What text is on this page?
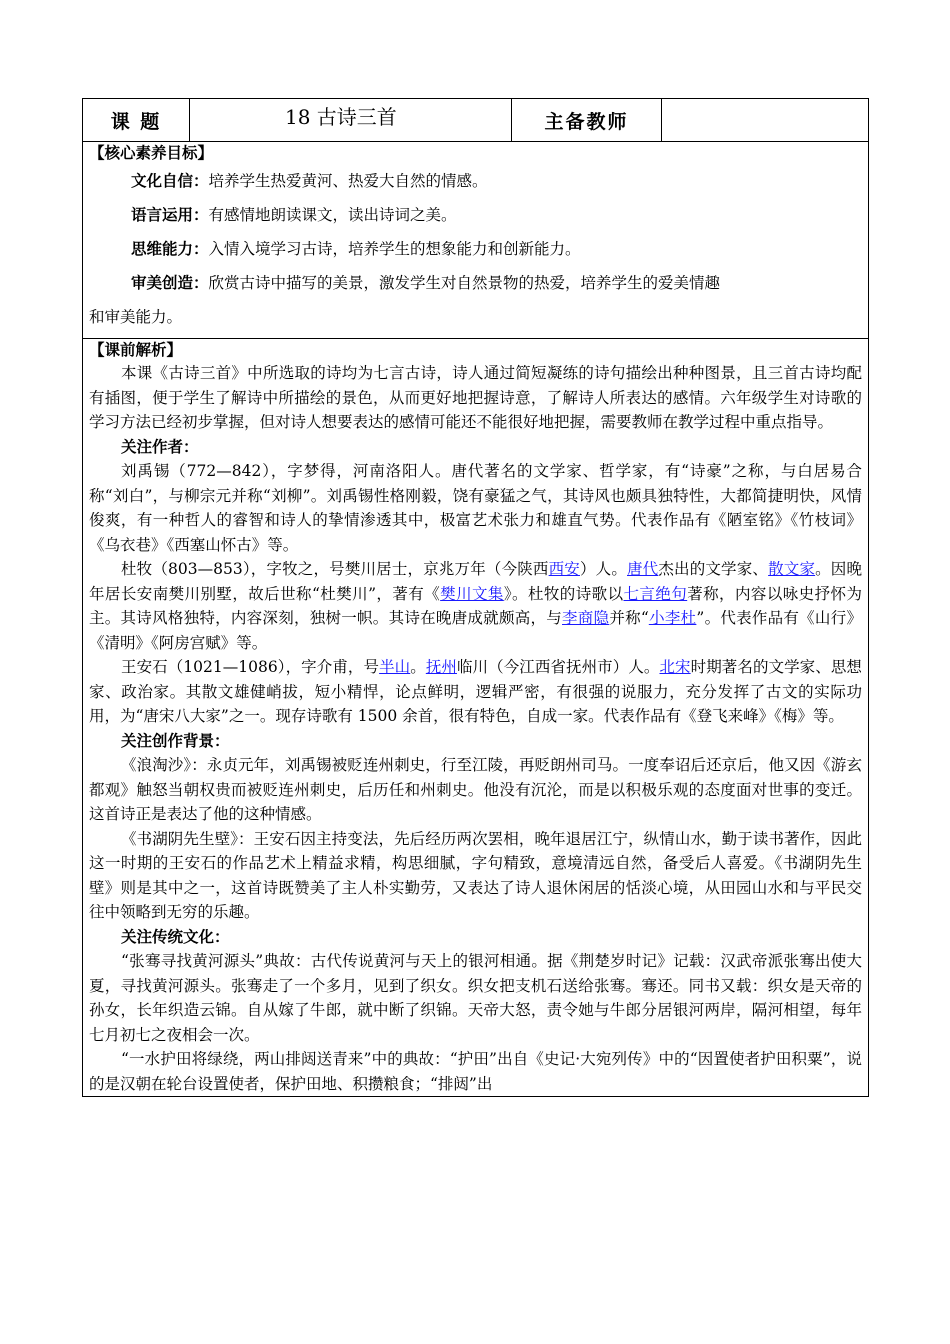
课 题	18 古诗三首	主备教师	

【核心素养目标】
文化自信：培养学生热爱黄河、热爱大自然的情感。
语言运用：有感情地朗读课文，读出诗词之美。
思维能力：入情入境学习古诗，培养学生的想象能力和创新能力。
审美创造：欣赏古诗中描写的美景，激发学生对自然景物的热爱，培养学生的爱美情趣
和审美能力。

【课前解析】
本课《古诗三首》中所选取的诗均为七言古诗，诗人通过简短凝练的诗句描绘出种种图景，且三首古诗均配有插图，便于学生了解诗中所描绘的景色，从而更好地把握诗意，了解诗人所表达的感情。六年级学生对诗歌的学习方法已经初步掌握，但对诗人想要表达的感情可能还不能很好地把握，需要教师在教学过程中重点指导。
关注作者：
刘禹锡（772—842），字梦得，河南洛阳人。唐代著名的文学家、哲学家，有“诗豪”之称，与白居易合称“刘白”，与柳宗元并称“刘柳”。刘禹锡性格刚毅，饶有豪猛之气，其诗风也颇具独特性，大都简捷明快，风情俊爽，有一种哲人的睿智和诗人的挚情渗透其中，极富艺术张力和雄直气势。代表作品有《陋室铭》《竹枝词》《乌衣巷》《西塞山怀古》等。
杜牧（803—853），字牧之，号樊川居士，京兆万年（今陕西西安）人。唐代杰出的文学家、散文家。因晚年居长安南樊川别墅，故后世称“杜樊川”，著有《樊川文集》。杜牧的诗歌以七言绝句著称，内容以咏史抒怀为主。其诗风格独特，内容深刻，独树一帜。其诗在晚唐成就颇高，与李商隐并称“小李杜”。代表作品有《山行》《清明》《阿房宫赋》等。
王安石（1021—1086），字介甫，号半山。抚州临川（今江西省抚州市）人。北宋时期著名的文学家、思想家、政治家。其散文雄健峭拔，短小精悍，论点鲜明，逻辑严密，有很强的说服力，充分发挥了古文的实际功用，为“唐宋八大家”之一。现存诗歌有 1500 余首，很有特色，自成一家。代表作品有《登飞来峰》《梅》等。
关注创作背景：
《浪淘沙》：永贞元年，刘禹锡被贬连州刺史，行至江陵，再贬朗州司马。一度奉诏后还京后，他又因《游玄都观》触怒当朝权贵而被贬连州刺史，后历任和州刺史。他没有沉沦，而是以积极乐观的态度面对世事的变迁。这首诗正是表达了他的这种情感。
《书湖阴先生壁》：王安石因主持变法，先后经历两次罢相，晚年退居江宁，纵情山水，勤于读书著作，因此这一时期的王安石的作品艺术上精益求精，构思细腻，字句精致，意境清远自然，备受后人喜爱。《书湖阴先生壁》则是其中之一，这首诗既赞美了主人朴实勤劳，又表达了诗人退休闲居的恬淡心境，从田园山水和与平民交往中领略到无穷的乐趣。
关注传统文化：
“张骞寻找黄河源头”典故：古代传说黄河与天上的银河相通。据《荆楚岁时记》记载：汉武帝派张骞出使大夏，寻找黄河源头。张骞走了一个多月，见到了织女。织女把支机石送给张骞。骞还。同书又载：织女是天帝的孙女，长年织造云锦。自从嫁了牛郎，就中断了织锦。天帝大怒，责令她与牛郎分居银河两岸，隔河相望，每年七月初七之夜相会一次。
“一水护田将绿绕，两山排闼送青来”中的典故：“护田”出自《史记·大宛列传》中的“因置使者护田积粟”，说的是汉朝在轮台设置使者，保护田地、积攒粮食；“排闼”出
